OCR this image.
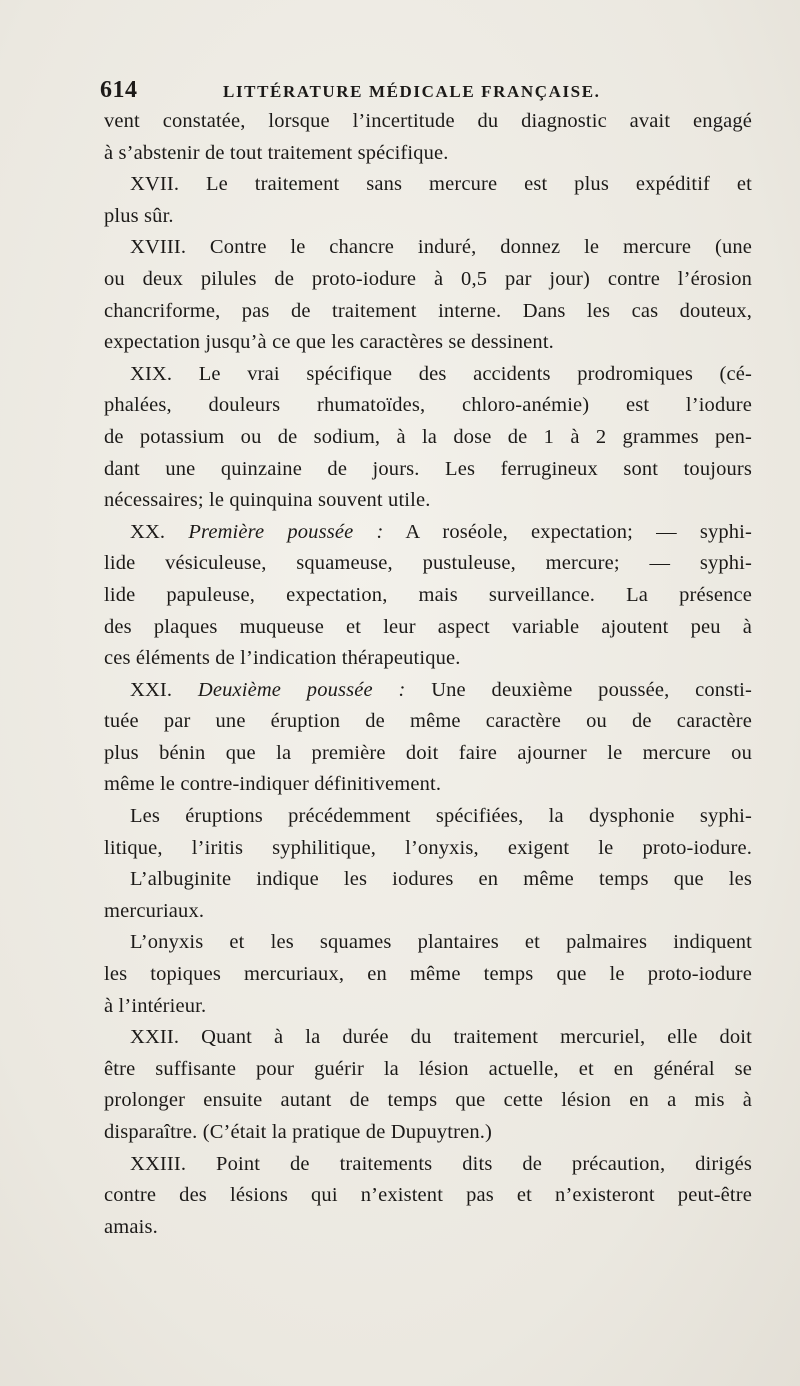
614	LITTÉRATURE MÉDICALE FRANÇAISE.
vent constatée, lorsque l’incertitude du diagnostic avait engagé
à s’abstenir de tout traitement spécifique.
XVII. Le traitement sans mercure est plus expéditif et
plus sûr.
XVIII. Contre le chancre induré, donnez le mercure (une
ou deux pilules de proto-iodure à 0,5 par jour) contre l’érosion
chancriforme, pas de traitement interne. Dans les cas douteux,
expectation jusqu’à ce que les caractères se dessinent.
XIX. Le vrai spécifique des accidents prodromiques (cé-
phalées, douleurs rhumatoïdes, chloro-anémie) est l’iodure
de potassium ou de sodium, à la dose de 1 à 2 grammes pen-
dant une quinzaine de jours. Les ferrugineux sont toujours
nécessaires; le quinquina souvent utile.
XX. Première poussée : A roséole, expectation; — syphi-
lide vésiculeuse, squameuse, pustuleuse, mercure; — syphi-
lide papuleuse, expectation, mais surveillance. La présence
des plaques muqueuse et leur aspect variable ajoutent peu à
ces éléments de l’indication thérapeutique.
XXI. Deuxième poussée : Une deuxième poussée, consti-
tuée par une éruption de même caractère ou de caractère
plus bénin que la première doit faire ajourner le mercure ou
même le contre-indiquer définitivement.
Les éruptions précédemment spécifiées, la dysphonie syphi-
litique, l’iritis syphilitique, l’onyxis, exigent le proto-iodure.
L’albuginite indique les iodures en même temps que les
mercuriaux.
L’onyxis et les squames plantaires et palmaires indiquent
les topiques mercuriaux, en même temps que le proto-iodure
à l’intérieur.
XXII. Quant à la durée du traitement mercuriel, elle doit
être suffisante pour guérir la lésion actuelle, et en général se
prolonger ensuite autant de temps que cette lésion en a mis à
disparaître. (C’était la pratique de Dupuytren.)
XXIII. Point de traitements dits de précaution, dirigés
contre des lésions qui n’existent pas et n’existeront peut-être
amais.
